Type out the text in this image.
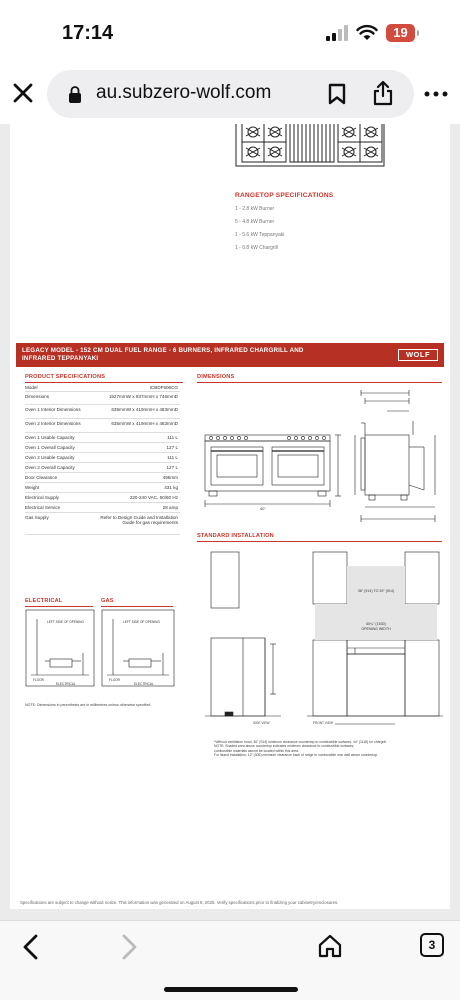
17:14	19
au.subzero-wolf.com
RANGETOP SPECIFICATIONS
1 - 2.8 kW Burner
5 - 4.8 kW Burner
1 - 5.6 kW Teppanyaki
1 - 0.8 kW Chargrill
LEGACY MODEL - 152 CM DUAL FUEL RANGE - 6 BURNERS, INFRARED CHARGRILL AND
INFRARED TEPPANYAKI	WOLF
PRODUCT SPECIFICATIONS
Model	ICBDF606CG
Dimensions	1527mmW x 937mmH x 746mmD
Oven 1 Interior Dimensions	635mmW x 419mmH x 483mmD
Oven 2 Interior Dimensions	635mmW x 419mmH x 483mmD
Oven 1 Usable Capacity	111 L
Oven 1 Overall Capacity	127 L
Oven 2 Usable Capacity	111 L
Oven 2 Overall Capacity	127 L
Door Clearance	495mm
Weight	431 kg
Electrical Supply	220-240 VAC, 50/60 Hz
Electrical Service	28 amp
Gas Supply	Refer to Design Guide and Installation Guide for gas requirements
DIMENSIONS
60"
STANDARD INSTALLATION
36" (914) TO 39" (914)
60¼" (1530)
OPENING WIDTH
ELECTRICAL	GAS
LEFT SIDE OF OPENING
FLOOR
ELECTRICAL
LEFT SIDE OF OPENING
FLOOR
ELECTRICAL
NOTE: Dimensions in parenthesis are in millimetres unless otherwise specified.
SIDE VIEW	FRONT VIEW
*Without ventilation hood, 36" (914) minimum clearance countertop to combustible surfaces, 44" (1118) for chargrill.
NOTE: Shaded area above countertop indicates minimum clearance to combustible surfaces;
combustible materials cannot be located within this area.
For island installation, 12" (305) minimum clearance back of range to combustible rear wall above countertop.
Specifications are subject to change without notice. This information was generated on August 8, 2025. Verify specifications prior to finalizing your cabinetry/enclosures.
3
